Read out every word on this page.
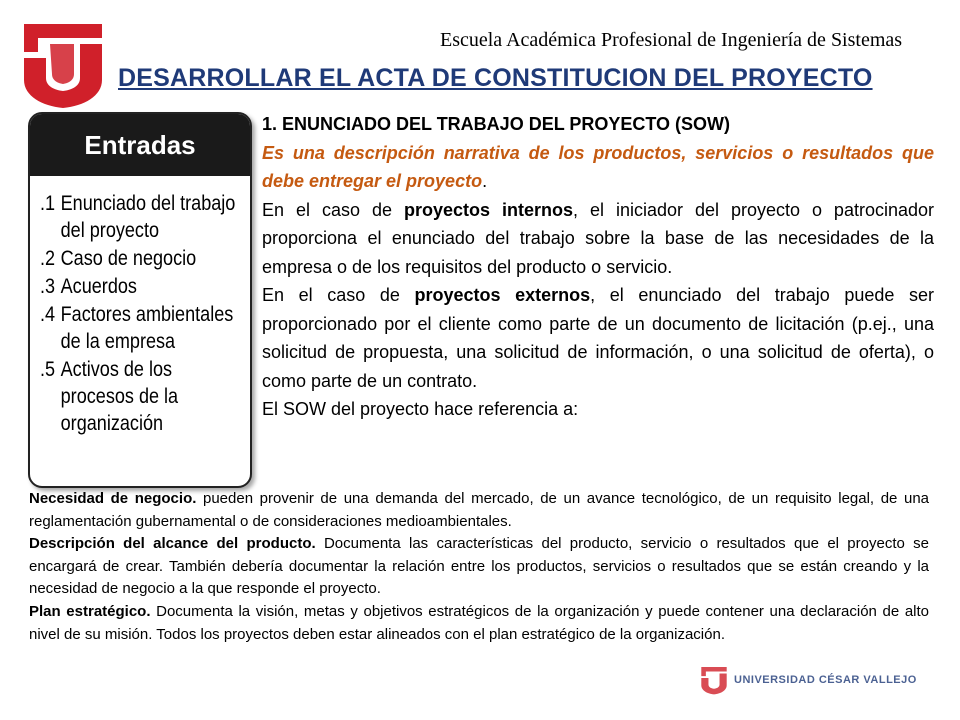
Escuela Académica Profesional de Ingeniería de Sistemas
DESARROLLAR EL ACTA DE CONSTITUCION DEL PROYECTO
Entradas
.1 Enunciado del trabajo del proyecto
.2 Caso de negocio
.3 Acuerdos
.4 Factores ambientales de la empresa
.5 Activos de los procesos de la organización

1. ENUNCIADO DEL TRABAJO DEL PROYECTO (SOW)

Es una descripción narrativa de los productos, servicios o resultados que debe entregar el proyecto.

En el caso de proyectos internos, el iniciador del proyecto o patrocinador proporciona el enunciado del trabajo sobre la base de las necesidades de la empresa o de los requisitos del producto o servicio.

En el caso de proyectos externos, el enunciado del trabajo puede ser proporcionado por el cliente como parte de un documento de licitación (p.ej., una solicitud de propuesta, una solicitud de información, o una solicitud de oferta), o como parte de un contrato.

El SOW del proyecto hace referencia a:

Necesidad de negocio. pueden provenir de una demanda del mercado, de un avance tecnológico, de un requisito legal, de una reglamentación gubernamental o de consideraciones medioambientales.

Descripción del alcance del producto. Documenta las características del producto, servicio o resultados que el proyecto se encargará de crear. También debería documentar la relación entre los productos, servicios o resultados que se están creando y la necesidad de negocio a la que responde el proyecto.

Plan estratégico. Documenta la visión, metas y objetivos estratégicos de la organización y puede contener una declaración de alto nivel de su misión. Todos los proyectos deben estar alineados con el plan estratégico de la organización.

UNIVERSIDAD CÉSAR VALLEJO
